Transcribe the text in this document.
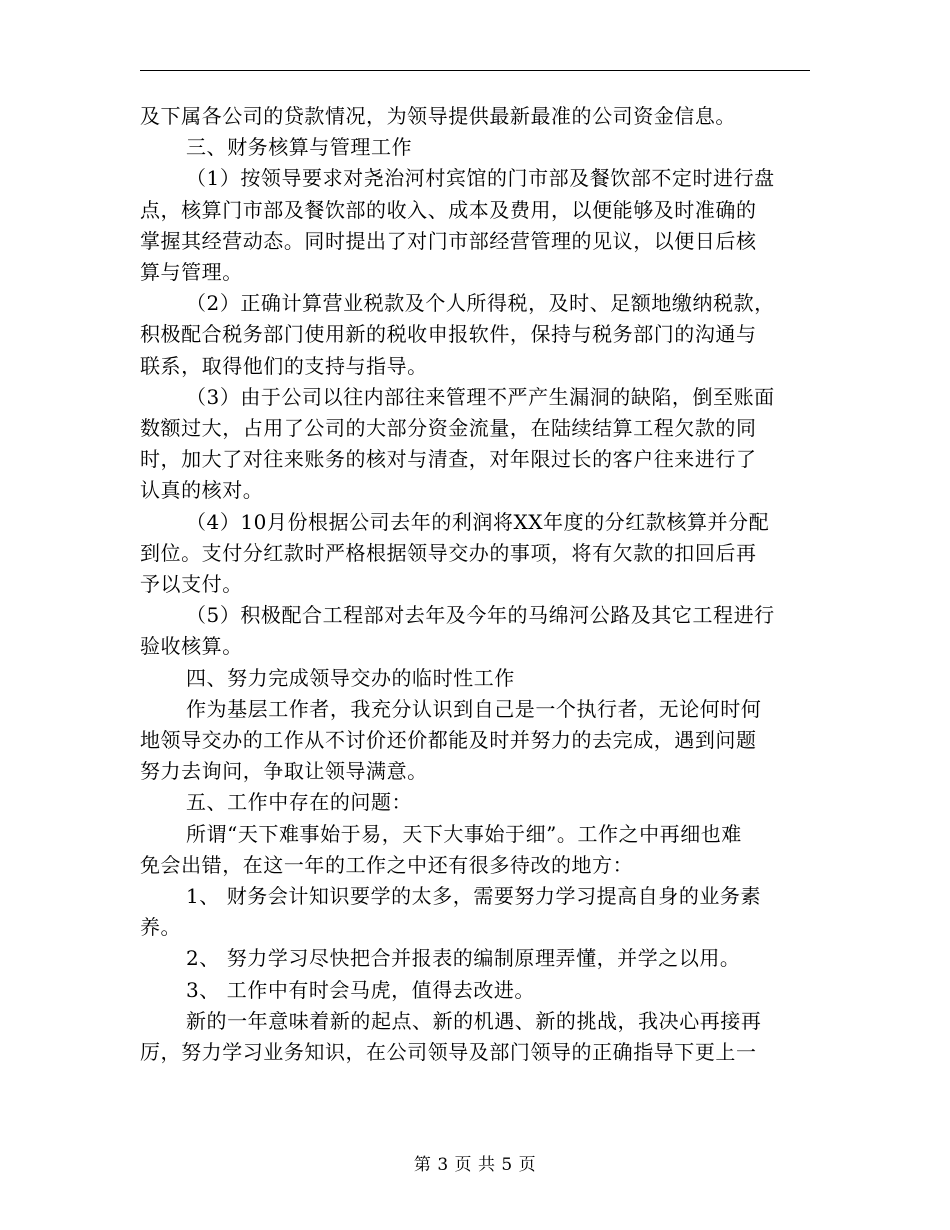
及下属各公司的贷款情况，为领导提供最新最准的公司资金信息。
三、财务核算与管理工作
（1）按领导要求对尧治河村宾馆的门市部及餐饮部不定时进行盘
点，核算门市部及餐饮部的收入、成本及费用，以便能够及时准确的
掌握其经营动态。同时提出了对门市部经营管理的见议，以便日后核
算与管理。
（2）正确计算营业税款及个人所得税，及时、足额地缴纳税款，
积极配合税务部门使用新的税收申报软件，保持与税务部门的沟通与
联系，取得他们的支持与指导。
（3）由于公司以往内部往来管理不严产生漏洞的缺陷，倒至账面
数额过大，占用了公司的大部分资金流量，在陆续结算工程欠款的同
时，加大了对往来账务的核对与清查，对年限过长的客户往来进行了
认真的核对。
（4）10月份根据公司去年的利润将XX年度的分红款核算并分配
到位。支付分红款时严格根据领导交办的事项，将有欠款的扣回后再
予以支付。
（5）积极配合工程部对去年及今年的马绵河公路及其它工程进行
验收核算。
四、努力完成领导交办的临时性工作
作为基层工作者，我充分认识到自己是一个执行者，无论何时何
地领导交办的工作从不讨价还价都能及时并努力的去完成，遇到问题
努力去询问，争取让领导满意。
五、工作中存在的问题：
所谓“天下难事始于易，天下大事始于细”。工作之中再细也难
免会出错，在这一年的工作之中还有很多待改的地方：
1、 财务会计知识要学的太多，需要努力学习提高自身的业务素
养。
2、 努力学习尽快把合并报表的编制原理弄懂，并学之以用。
3、 工作中有时会马虎，值得去改进。
新的一年意味着新的起点、新的机遇、新的挑战，我决心再接再
厉，努力学习业务知识，在公司领导及部门领导的正确指导下更上一
第 3 页 共 5 页
